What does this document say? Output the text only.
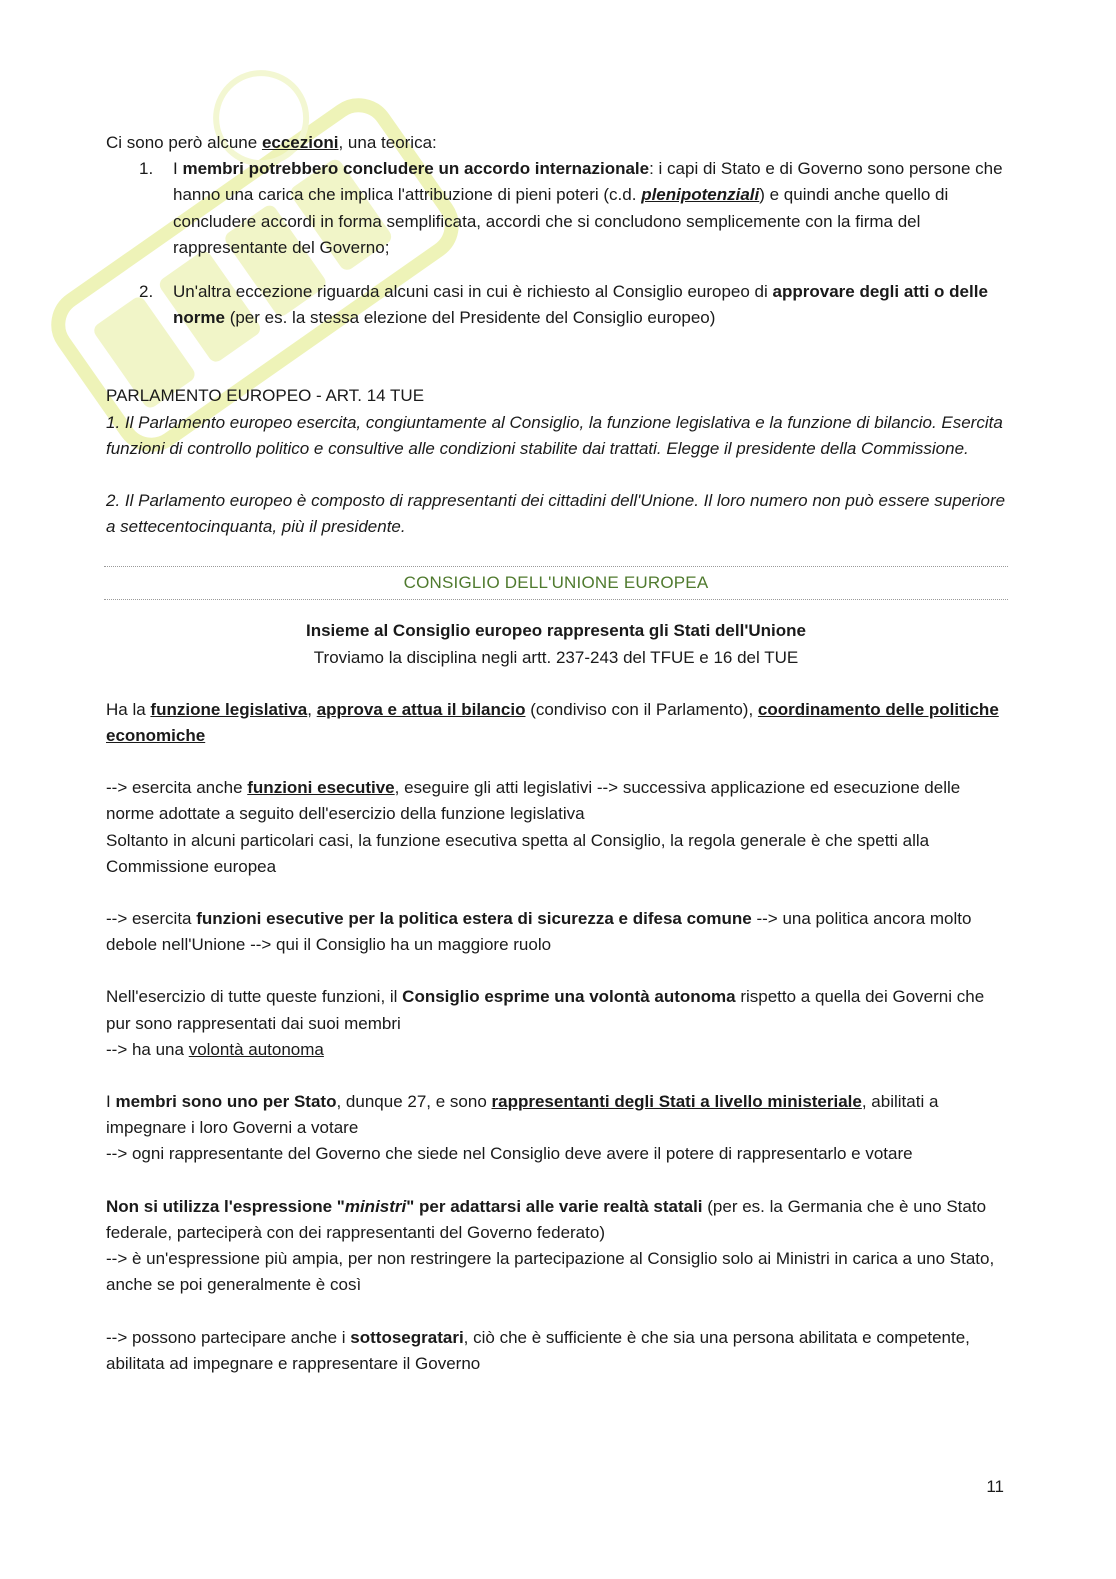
Ci sono però alcune eccezioni, una teorica:

1. I membri potrebbero concludere un accordo internazionale: i capi di Stato e di Governo sono persone che hanno una carica che implica l'attribuzione di pieni poteri (c.d. plenipotenziali) e quindi anche quello di concludere accordi in forma semplificata, accordi che si concludono semplicemente con la firma del rappresentante del Governo;
2. Un'altra eccezione riguarda alcuni casi in cui è richiesto al Consiglio europeo di approvare degli atti o delle norme (per es. la stessa elezione del Presidente del Consiglio europeo)

PARLAMENTO EUROPEO - ART. 14 TUE

1. Il Parlamento europeo esercita, congiuntamente al Consiglio, la funzione legislativa e la funzione di bilancio. Esercita funzioni di controllo politico e consultive alle condizioni stabilite dai trattati. Elegge il presidente della Commissione.

2. Il Parlamento europeo è composto di rappresentanti dei cittadini dell'Unione. Il loro numero non può essere superiore a settecentocinquanta, più il presidente.

CONSIGLIO DELL'UNIONE EUROPEA

Insieme al Consiglio europeo rappresenta gli Stati dell'Unione

Troviamo la disciplina negli artt. 237-243 del TFUE e 16 del TUE

Ha la funzione legislativa, approva e attua il bilancio (condiviso con il Parlamento), coordinamento delle politiche economiche

--> esercita anche funzioni esecutive, eseguire gli atti legislativi --> successiva applicazione ed esecuzione delle norme adottate a seguito dell'esercizio della funzione legislativa

Soltanto in alcuni particolari casi, la funzione esecutiva spetta al Consiglio, la regola generale è che spetti alla Commissione europea

--> esercita funzioni esecutive per la politica estera di sicurezza e difesa comune --> una politica ancora molto debole nell'Unione --> qui il Consiglio ha un maggiore ruolo

Nell'esercizio di tutte queste funzioni, il Consiglio esprime una volontà autonoma rispetto a quella dei Governi che pur sono rappresentati dai suoi membri

--> ha una volontà autonoma

I membri sono uno per Stato, dunque 27, e sono rappresentanti degli Stati a livello ministeriale, abilitati a impegnare i loro Governi a votare

--> ogni rappresentante del Governo che siede nel Consiglio deve avere il potere di rappresentarlo e votare

Non si utilizza l'espressione "ministri" per adattarsi alle varie realtà statali (per es. la Germania che è uno Stato federale, parteciperà con dei rappresentanti del Governo federato)

--> è un'espressione più ampia, per non restringere la partecipazione al Consiglio solo ai Ministri in carica a uno Stato, anche se poi generalmente è così

--> possono partecipare anche i sottosegratari, ciò che è sufficiente è che sia una persona abilitata e competente, abilitata ad impegnare e rappresentare il Governo

11
